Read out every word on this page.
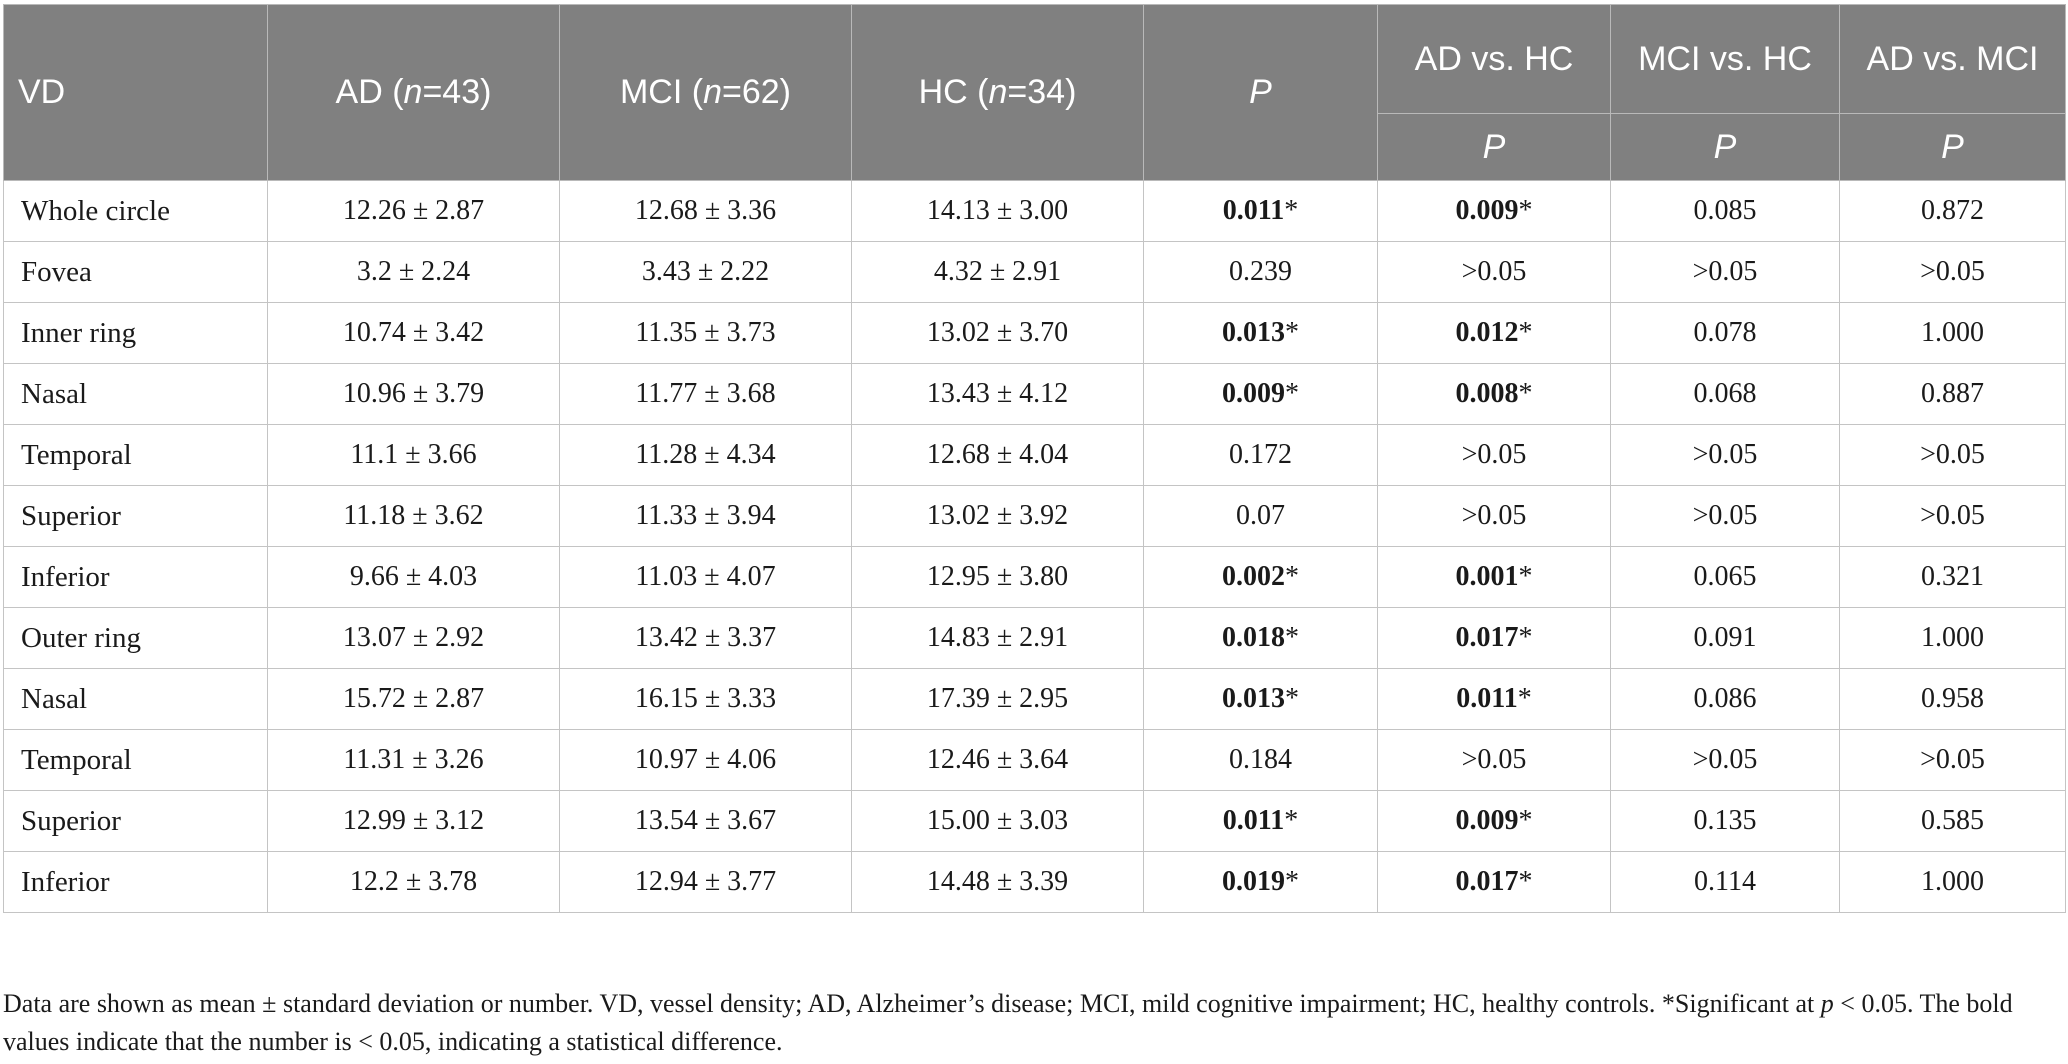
VD	AD (n=43)	MCI (n=62)	HC (n=34)	P	AD vs. HC	MCI vs. HC	AD vs. MCI
					P	P	P
Whole circle	12.26 ± 2.87	12.68 ± 3.36	14.13 ± 3.00	0.011*	0.009*	0.085	0.872
Fovea	3.2 ± 2.24	3.43 ± 2.22	4.32 ± 2.91	0.239	>0.05	>0.05	>0.05
Inner ring	10.74 ± 3.42	11.35 ± 3.73	13.02 ± 3.70	0.013*	0.012*	0.078	1.000
Nasal	10.96 ± 3.79	11.77 ± 3.68	13.43 ± 4.12	0.009*	0.008*	0.068	0.887
Temporal	11.1 ± 3.66	11.28 ± 4.34	12.68 ± 4.04	0.172	>0.05	>0.05	>0.05
Superior	11.18 ± 3.62	11.33 ± 3.94	13.02 ± 3.92	0.07	>0.05	>0.05	>0.05
Inferior	9.66 ± 4.03	11.03 ± 4.07	12.95 ± 3.80	0.002*	0.001*	0.065	0.321
Outer ring	13.07 ± 2.92	13.42 ± 3.37	14.83 ± 2.91	0.018*	0.017*	0.091	1.000
Nasal	15.72 ± 2.87	16.15 ± 3.33	17.39 ± 2.95	0.013*	0.011*	0.086	0.958
Temporal	11.31 ± 3.26	10.97 ± 4.06	12.46 ± 3.64	0.184	>0.05	>0.05	>0.05
Superior	12.99 ± 3.12	13.54 ± 3.67	15.00 ± 3.03	0.011*	0.009*	0.135	0.585
Inferior	12.2 ± 3.78	12.94 ± 3.77	14.48 ± 3.39	0.019*	0.017*	0.114	1.000
Data are shown as mean ± standard deviation or number. VD, vessel density; AD, Alzheimer’s disease; MCI, mild cognitive impairment; HC, healthy controls. *Significant at p < 0.05. The bold values indicate that the number is < 0.05, indicating a statistical difference.
